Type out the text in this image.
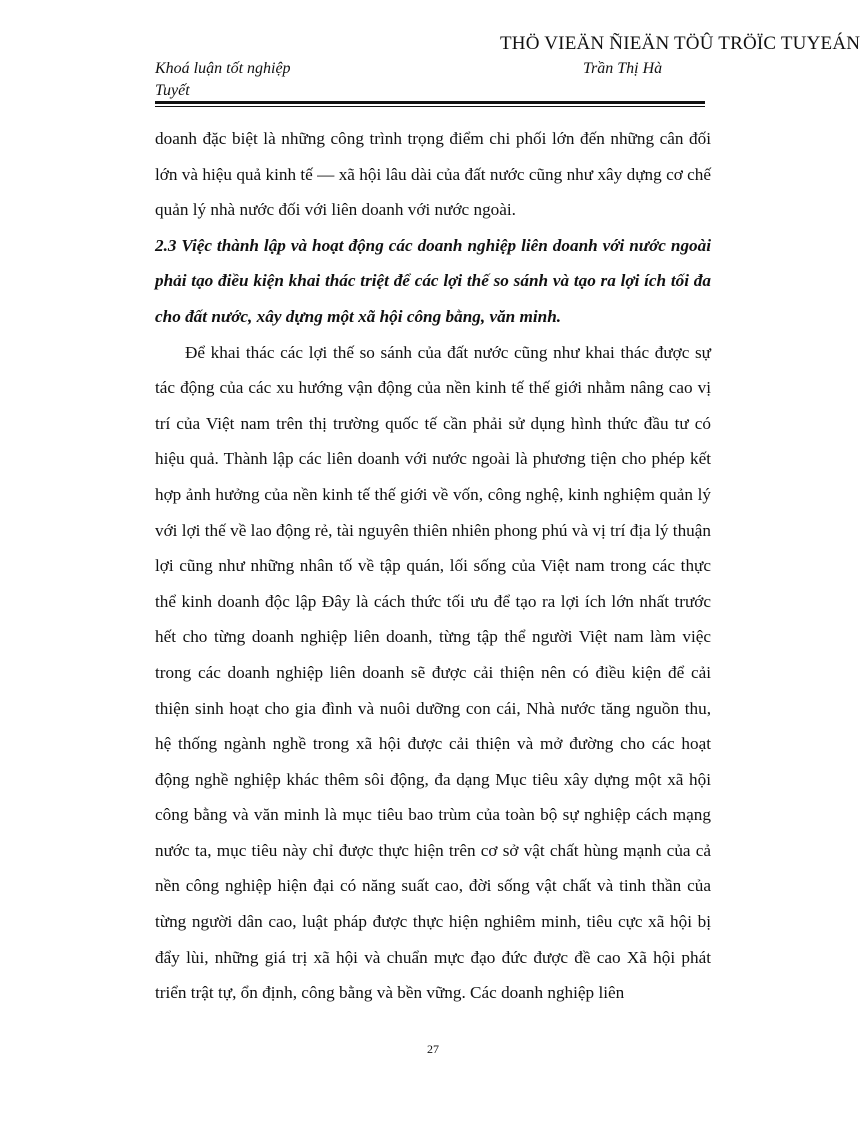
THÖ VIEÄN ÑIEÄN TÖÛ TRÖÏC TUYEÁN
Khoá luận tốt nghiệp	Trần Thị Hà
Tuyết

doanh đặc biệt là những công trình trọng điểm chi phối lớn đến những cân đối lớn và hiệu quả kinh tế — xã hội lâu dài của đất nước cũng như xây dựng cơ chế quản lý nhà nước đối với liên doanh với nước ngoài.

2.3 Việc thành lập và hoạt động các doanh nghiệp liên doanh với nước ngoài phải tạo điều kiện khai thác triệt để các lợi thế so sánh và tạo ra lợi ích tối đa cho đất nước, xây dựng một xã hội công bằng, văn minh.

Để khai thác các lợi thế so sánh của đất nước cũng như khai thác được sự tác động của các xu hướng vận động của nền kinh tế thế giới nhằm nâng cao vị trí của Việt nam trên thị trường quốc tế cần phải sử dụng hình thức đầu tư có hiệu quả. Thành lập các liên doanh với nước ngoài là phương tiện cho phép kết hợp ảnh hưởng của nền kinh tế thế giới về vốn, công nghệ, kinh nghiệm quản lý với lợi thế về lao động rẻ, tài nguyên thiên nhiên phong phú và vị trí địa lý thuận lợi cũng như những nhân tố về tập quán, lối sống của Việt nam trong các thực thể kinh doanh độc lập Đây là cách thức tối ưu để tạo ra lợi ích lớn nhất trước hết cho từng doanh nghiệp liên doanh, từng tập thể người Việt nam làm việc trong các doanh nghiệp liên doanh sẽ được cải thiện nên có điều kiện để cải thiện sinh hoạt cho gia đình và nuôi dưỡng con cái, Nhà nước tăng nguồn thu, hệ thống ngành nghề trong xã hội được cải thiện và mở đường cho các hoạt động nghề nghiệp khác thêm sôi động, đa dạng Mục tiêu xây dựng một xã hội công bằng và văn minh là mục tiêu bao trùm của toàn bộ sự nghiệp cách mạng nước ta, mục tiêu này chỉ được thực hiện trên cơ sở vật chất hùng mạnh của cả nền công nghiệp hiện đại có năng suất cao, đời sống vật chất và tinh thần của từng người dân cao, luật pháp được thực hiện nghiêm minh, tiêu cực xã hội bị đẩy lùi, những giá trị xã hội và chuẩn mực đạo đức được đề cao Xã hội phát triển trật tự, ổn định, công bằng và bền vững. Các doanh nghiệp liên

27
